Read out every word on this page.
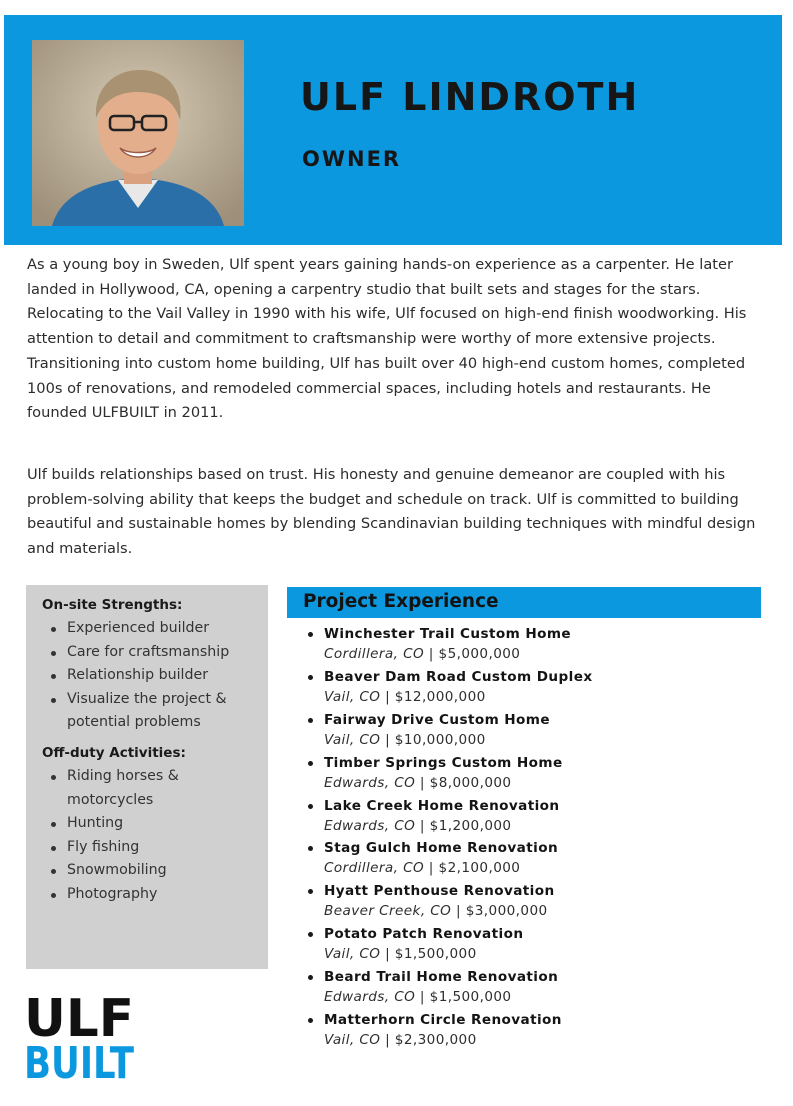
ULF LINDROTH
OWNER

As a young boy in Sweden, Ulf spent years gaining hands-on experience as a carpenter. He later landed in Hollywood, CA, opening a carpentry studio that built sets and stages for the stars. Relocating to the Vail Valley in 1990 with his wife, Ulf focused on high-end finish woodworking. His attention to detail and commitment to craftsmanship were worthy of more extensive projects. Transitioning into custom home building, Ulf has built over 40 high-end custom homes, completed 100s of renovations, and remodeled commercial spaces, including hotels and restaurants. He founded ULFBUILT in 2011.

Ulf builds relationships based on trust. His honesty and genuine demeanor are coupled with his problem-solving ability that keeps the budget and schedule on track. Ulf is committed to building beautiful and sustainable homes by blending Scandinavian building techniques with mindful design and materials.

On-site Strengths:
Experienced builder
Care for craftsmanship
Relationship builder
Visualize the project & potential problems
Off-duty Activities:
Riding horses & motorcycles
Hunting
Fly fishing
Snowmobiling
Photography
Project Experience
Winchester Trail Custom Home
Cordillera, CO | $5,000,000
Beaver Dam Road Custom Duplex
Vail, CO | $12,000,000
Fairway Drive Custom Home
Vail, CO | $10,000,000
Timber Springs Custom Home
Edwards, CO | $8,000,000
Lake Creek Home Renovation
Edwards, CO | $1,200,000
Stag Gulch Home Renovation
Cordillera, CO | $2,100,000
Hyatt Penthouse Renovation
Beaver Creek, CO | $3,000,000
Potato Patch Renovation
Vail, CO | $1,500,000
Beard Trail Home Renovation
Edwards, CO | $1,500,000
Matterhorn Circle Renovation
Vail, CO | $2,300,000
ULF
BUILT
